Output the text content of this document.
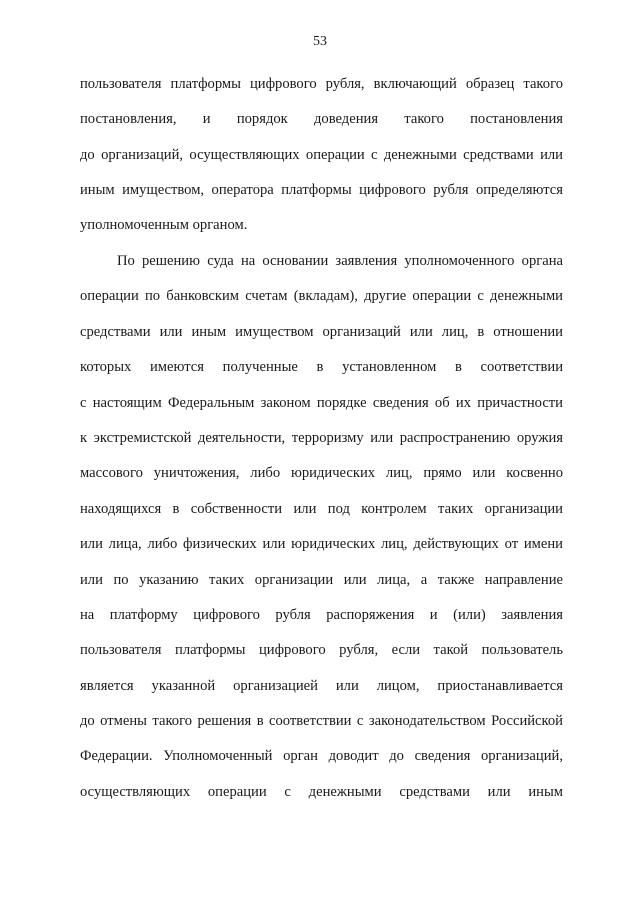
53
пользователя платформы цифрового рубля, включающий образец такого
постановления, и порядок доведения такого постановления
до организаций, осуществляющих операции с денежными средствами или
иным имуществом, оператора платформы цифрового рубля определяются
уполномоченным органом.
По решению суда на основании заявления уполномоченного органа
операции по банковским счетам (вкладам), другие операции с денежными
средствами или иным имуществом организаций или лиц, в отношении
которых имеются полученные в установленном в соответствии
с настоящим Федеральным законом порядке сведения об их причастности
к экстремистской деятельности, терроризму или распространению оружия
массового уничтожения, либо юридических лиц, прямо или косвенно
находящихся в собственности или под контролем таких организации
или лица, либо физических или юридических лиц, действующих от имени
или по указанию таких организации или лица, а также направление
на платформу цифрового рубля распоряжения и (или) заявления
пользователя платформы цифрового рубля, если такой пользователь
является указанной организацией или лицом, приостанавливается
до отмены такого решения в соответствии с законодательством Российской
Федерации. Уполномоченный орган доводит до сведения организаций,
осуществляющих операции с денежными средствами или иным
